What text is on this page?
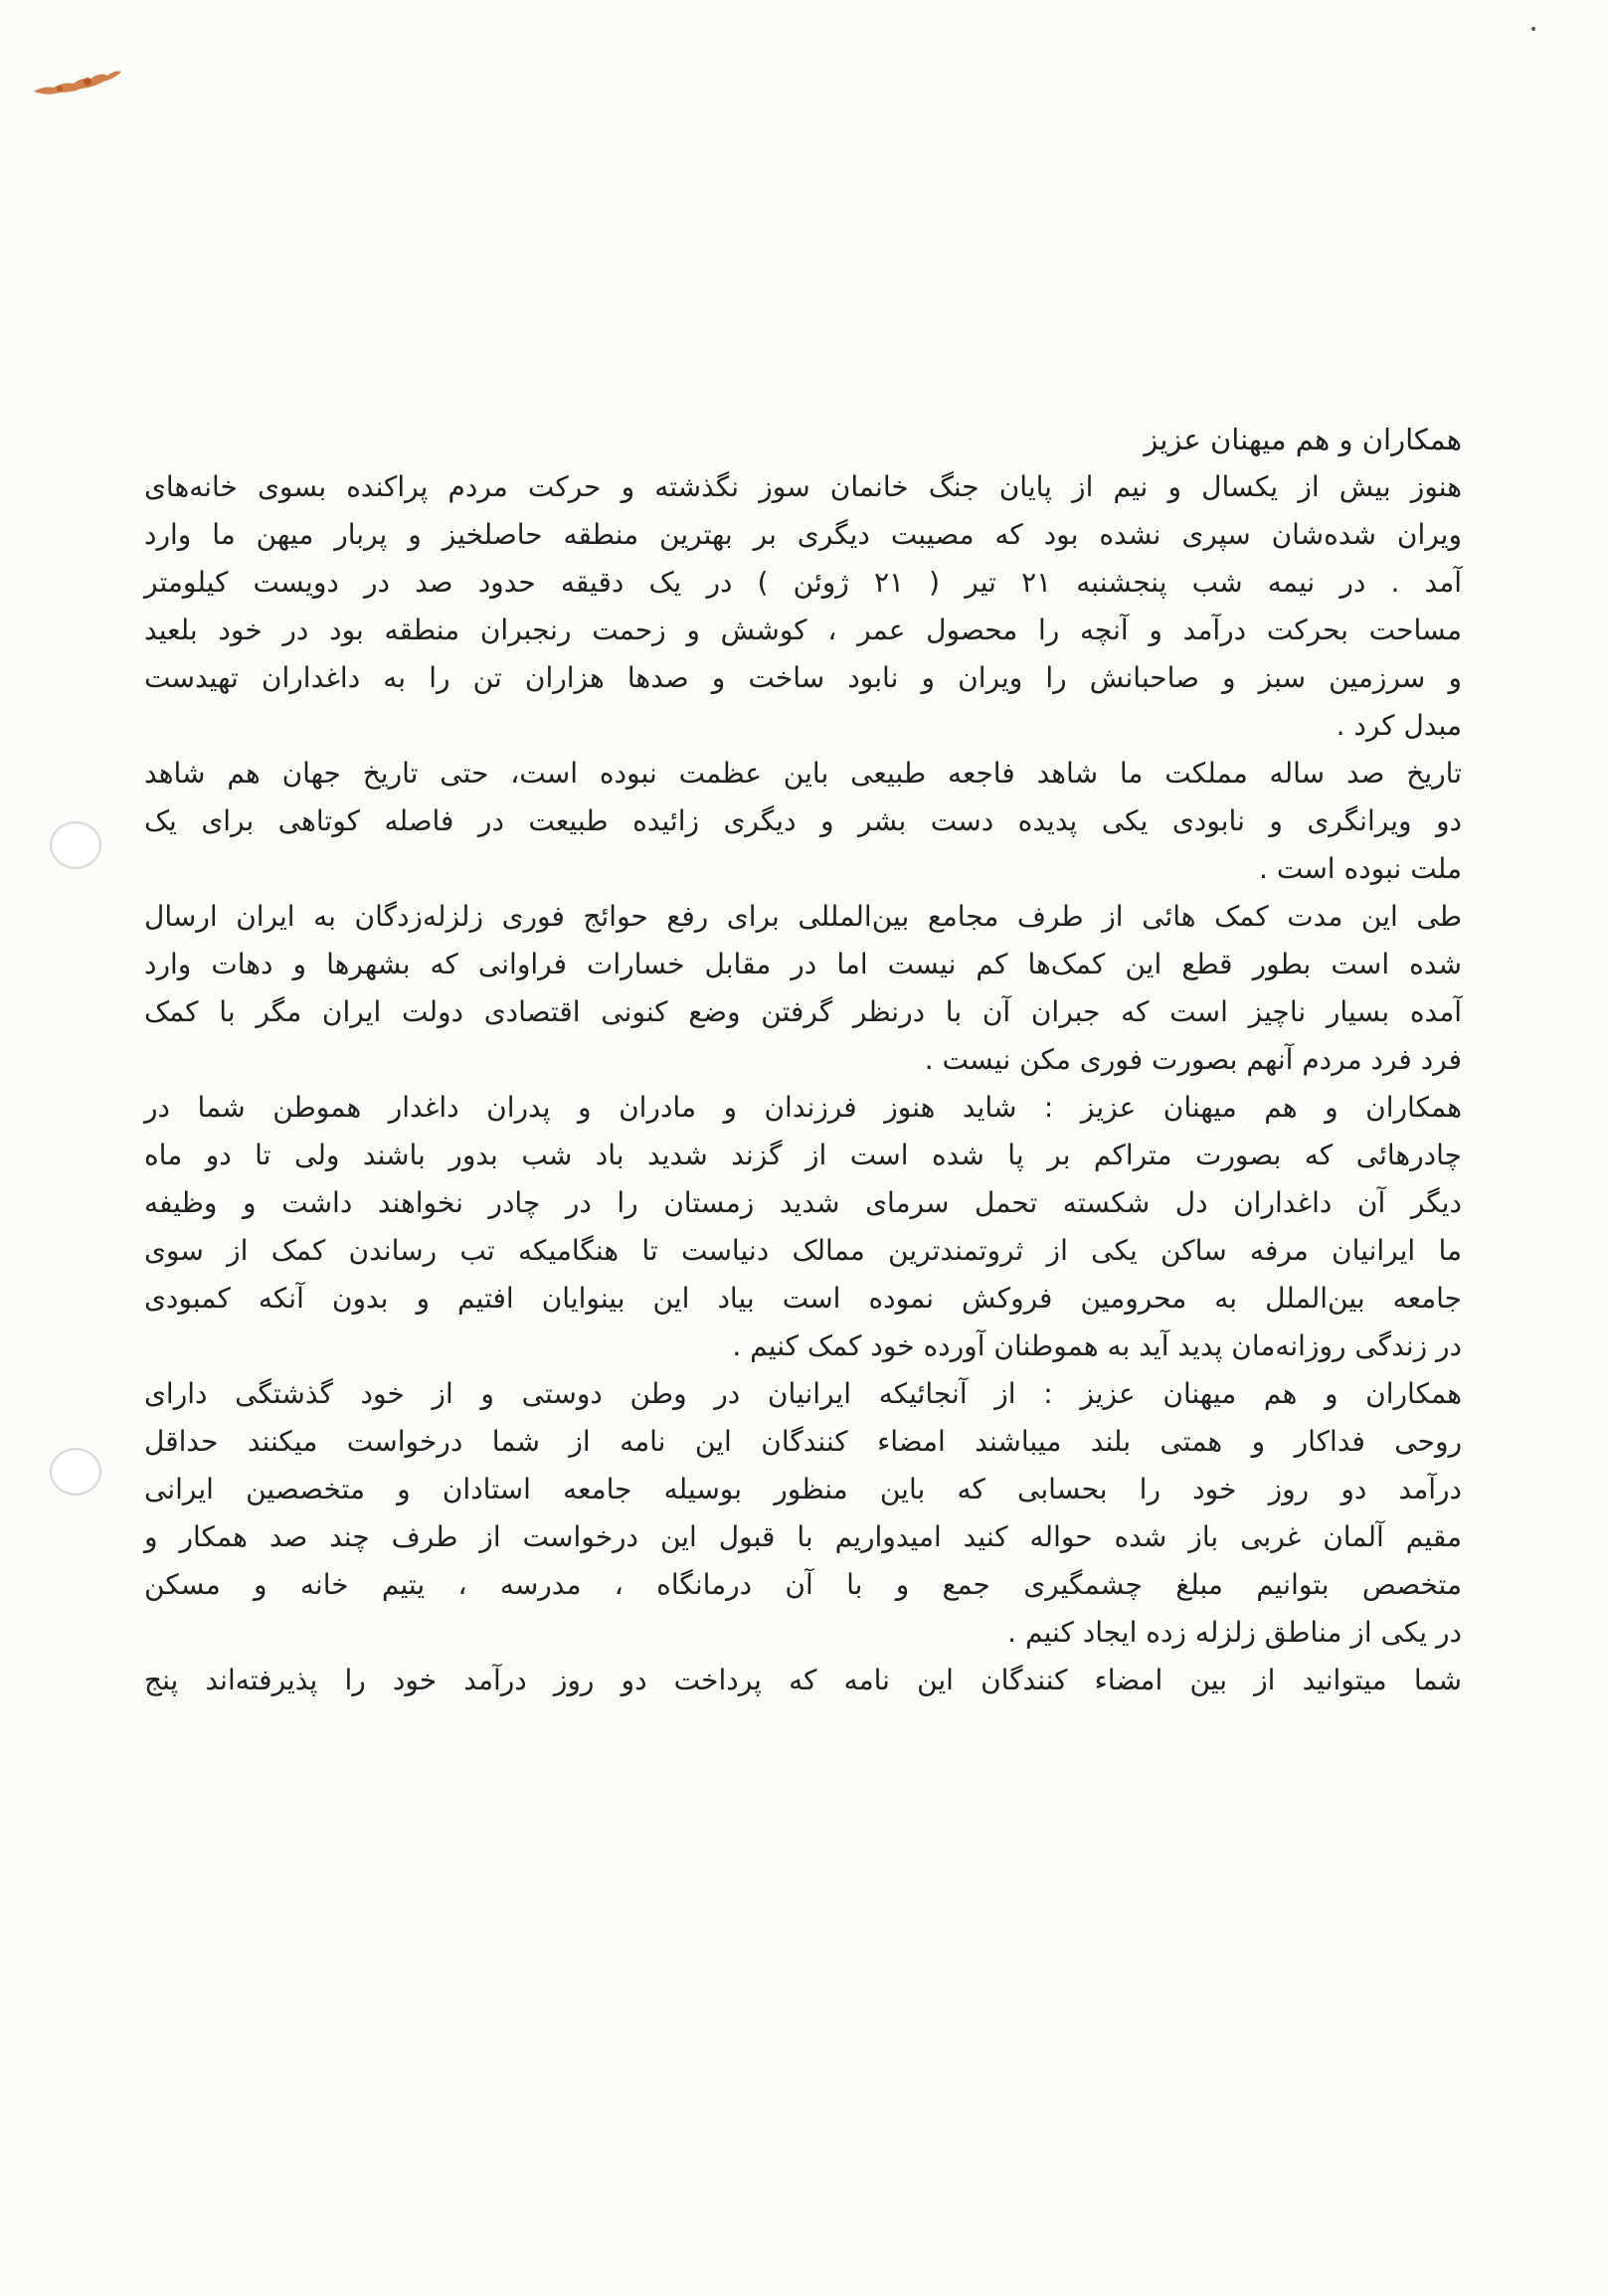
همکاران و هم میهنان عزیز
هنوز بیش از یکسال و نیم از پایان جنگ خانمان سوز نگذشته و حرکت مردم پراکنده بسوی خانه‌های
ویران شده‌شان سپری نشده بود که مصیبت دیگری بر بهترین منطقه حاصلخیز و پربار میهن ما وارد
آمد . در نیمه شب پنجشنبه ۲۱ تیر ( ۲۱ ژوئن ) در یک دقیقه حدود صد در دویست کیلومتر
مساحت بحرکت درآمد و آنچه را محصول عمر ، کوشش و زحمت رنجبران منطقه بود در خود بلعید
و سرزمین سبز و صاحبانش را ویران و نابود ساخت و صدها هزاران تن را به داغداران تهیدست
مبدل کرد .
تاریخ صد ساله مملکت ما شاهد فاجعه طبیعی باین عظمت نبوده است، حتی تاریخ جهان هم شاهد
دو ویرانگری و نابودی یکی پدیده دست بشر و دیگری زائیده طبیعت در فاصله کوتاهی برای یک
ملت نبوده است .
طی این مدت کمک هائی از طرف مجامع بین‌المللی برای رفع حوائج فوری زلزله‌زدگان به ایران ارسال
شده است بطور قطع این کمک‌ها کم نیست اما در مقابل خسارات فراوانی که بشهرها و دهات وارد
آمده بسیار ناچیز است که جبران آن با درنظر گرفتن وضع کنونی اقتصادی دولت ایران مگر با کمک
فرد فرد مردم آنهم بصورت فوری مکن نیست .
همکاران و هم میهنان عزیز : شاید هنوز فرزندان و مادران و پدران داغدار هموطن شما در
چادرهائی که بصورت متراکم بر پا شده است از گزند شدید باد شب بدور باشند ولی تا دو ماه
دیگر آن داغداران دل شکسته تحمل سرمای شدید زمستان را در چادر نخواهند داشت و وظیفه
ما ایرانیان مرفه ساکن یکی از ثروتمندترین ممالک دنیاست تا هنگامیکه تب رساندن کمک از سوی
جامعه بین‌الملل به محرومین فروکش نموده است بیاد این بینوایان افتیم و بدون آنکه کمبودی
در زندگی روزانه‌مان پدید آید به هموطنان آورده خود کمک کنیم .
همکاران و هم میهنان عزیز : از آنجائیکه ایرانیان در وطن دوستی و از خود گذشتگی دارای
روحی فداکار و همتی بلند میباشند امضاء کنندگان این نامه از شما درخواست میکنند حداقل
درآمد دو روز خود را بحسابی که باین منظور بوسیله جامعه استادان و متخصصین ایرانی
مقیم آلمان غربی باز شده حواله کنید امیدواریم با قبول این درخواست از طرف چند صد همکار و
متخصص بتوانیم مبلغ چشمگیری جمع و با آن درمانگاه ، مدرسه ، یتیم خانه و مسکن
در یکی از مناطق زلزله زده ایجاد کنیم .
شما میتوانید از بین امضاء کنندگان این نامه که پرداخت دو روز درآمد خود را پذیرفته‌اند پنج
